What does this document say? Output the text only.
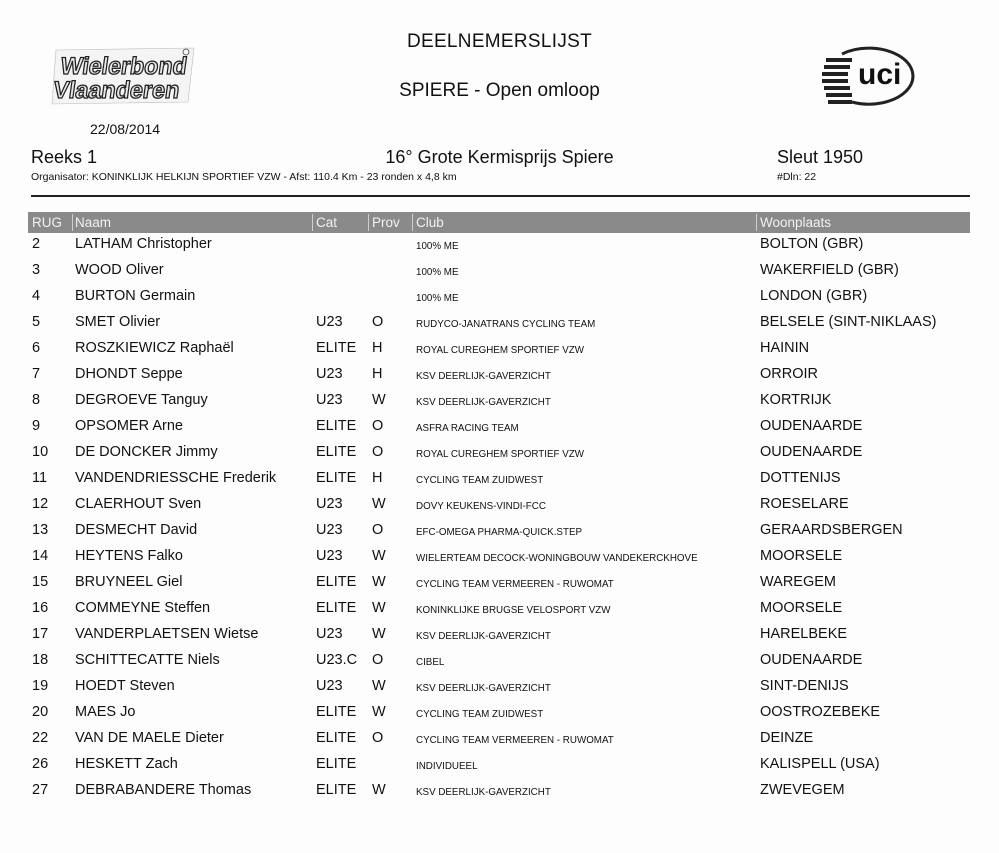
Wielerbond
Vlaanderen	uci
DEELNEMERSLIJST
SPIERE - Open omloop
22/08/2014
Reeks 1	16° Grote Kermisprijs Spiere	Sleut 1950
Organisator: KONINKLIJK HELKIJN SPORTIEF VZW - Afst: 110.4 Km - 23 ronden x 4,8 km	#Dln: 22
RUG Naam	Cat	Prov Club	Woonplaats
2 LATHAM Christopher	100% ME	BOLTON (GBR)
3 WOOD Oliver	100% ME	WAKERFIELD (GBR)
4 BURTON Germain	100% ME	LONDON (GBR)
5 SMET Olivier	U23 O	RUDYCO-JANATRANS CYCLING TEAM	BELSELE (SINT-NIKLAAS)
6 ROSZKIEWICZ Raphaël	ELITE H	ROYAL CUREGHEM SPORTIEF VZW	HAININ
7 DHONDT Seppe	U23 H	KSV DEERLIJK-GAVERZICHT	ORROIR
8 DEGROEVE Tanguy	U23 W	KSV DEERLIJK-GAVERZICHT	KORTRIJK
9 OPSOMER Arne	ELITE O	ASFRA RACING TEAM	OUDENAARDE
10 DE DONCKER Jimmy	ELITE O	ROYAL CUREGHEM SPORTIEF VZW	OUDENAARDE
11 VANDENDRIESSCHE Frederik	ELITE H	CYCLING TEAM ZUIDWEST	DOTTENIJS
12 CLAERHOUT Sven	U23 W	DOVY KEUKENS-VINDI-FCC	ROESELARE
13 DESMECHT David	U23 O	EFC-OMEGA PHARMA-QUICK.STEP	GERAARDSBERGEN
14 HEYTENS Falko	U23 W	WIELERTEAM DECOCK-WONINGBOUW VANDEKERCKHOVE	MOORSELE
15 BRUYNEEL Giel	ELITE W	CYCLING TEAM VERMEEREN - RUWOMAT	WAREGEM
16 COMMEYNE Steffen	ELITE W	KONINKLIJKE BRUGSE VELOSPORT VZW	MOORSELE
17 VANDERPLAETSEN Wietse	U23 W	KSV DEERLIJK-GAVERZICHT	HARELBEKE
18 SCHITTECATTE Niels	U23.C O	CIBEL	OUDENAARDE
19 HOEDT Steven	U23 W	KSV DEERLIJK-GAVERZICHT	SINT-DENIJS
20 MAES Jo	ELITE W	CYCLING TEAM ZUIDWEST	OOSTROZEBEKE
22 VAN DE MAELE Dieter	ELITE O	CYCLING TEAM VERMEEREN - RUWOMAT	DEINZE
26 HESKETT Zach	ELITE	INDIVIDUEEL	KALISPELL (USA)
27 DEBRABANDERE Thomas	ELITE W	KSV DEERLIJK-GAVERZICHT	ZWEVEGEM
